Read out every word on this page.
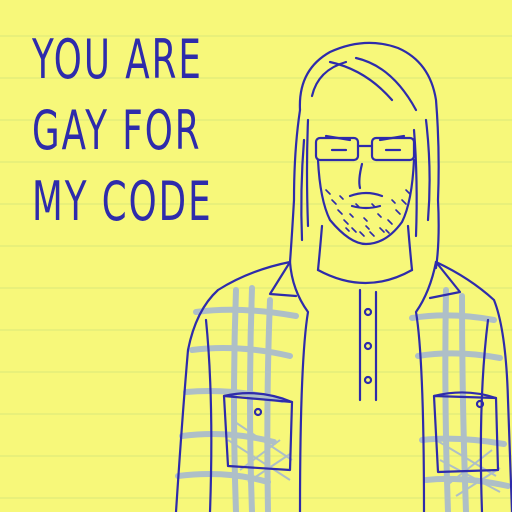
YOU ARE
GAY FOR
MY CODE
